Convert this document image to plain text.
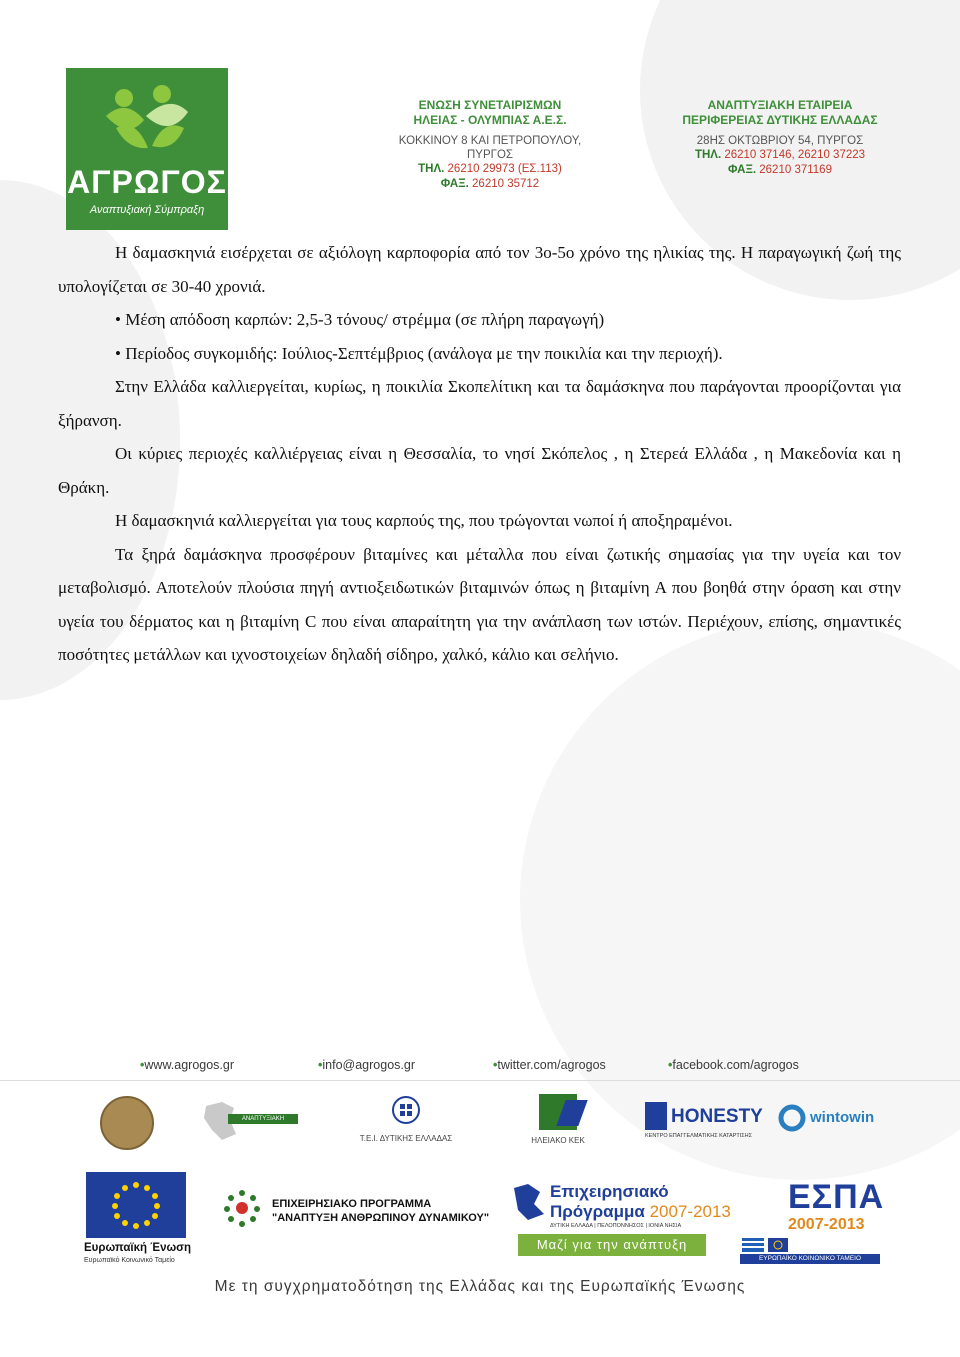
ΑΓΡΩΓΟΣ
Αναπτυξιακή Σύμπραξη
ΕΝΩΣΗ ΣΥΝΕΤΑΙΡΙΣΜΩΝ
ΗΛΕΙΑΣ - ΟΛΥΜΠΙΑΣ Α.Ε.Σ.
ΚΟΚΚΙΝΟΥ 8 ΚΑΙ ΠΕΤΡΟΠΟΥΛΟΥ, ΠΥΡΓΟΣ
ΤΗΛ. 26210 29973 (ΕΣ.113)
ΦΑΞ. 26210 35712
ΑΝΑΠΤΥΞΙΑΚΗ ΕΤΑΙΡΕΙΑ
ΠΕΡΙΦΕΡΕΙΑΣ ΔΥΤΙΚΗΣ ΕΛΛΑΔΑΣ
28ΗΣ ΟΚΤΩΒΡΙΟΥ 54, ΠΥΡΓΟΣ
ΤΗΛ. 26210 37146, 26210 37223
ΦΑΞ. 26210 371169

Η δαμασκηνιά εισέρχεται σε αξιόλογη καρποφορία από τον 3ο-5ο χρόνο της ηλικίας της. Η παραγωγική ζωή της υπολογίζεται σε 30-40 χρονιά.

• Μέση απόδοση καρπών: 2,5-3 τόνους/ στρέμμα (σε πλήρη παραγωγή)

• Περίοδος συγκομιδής: Ιούλιος-Σεπτέμβριος (ανάλογα με την ποικιλία και την περιοχή).

Στην Ελλάδα καλλιεργείται, κυρίως, η ποικιλία Σκοπελίτικη και τα δαμάσκηνα που παράγονται προορίζονται για ξήρανση.

Οι κύριες περιοχές καλλιέργειας είναι η Θεσσαλία, το νησί Σκόπελος , η Στερεά Ελλάδα , η Μακεδονία και η Θράκη.

Η δαμασκηνιά καλλιεργείται για τους καρπούς της, που τρώγονται νωποί ή αποξηραμένοι.

Τα ξηρά δαμάσκηνα προσφέρουν βιταμίνες και μέταλλα που είναι ζωτικής σημασίας για την υγεία και τον μεταβολισμό. Αποτελούν πλούσια πηγή αντιοξειδωτικών βιταμινών όπως η βιταμίνη Α που βοηθά στην όραση και στην υγεία του δέρματος και η βιταμίνη C που είναι απαραίτητη για την ανάπλαση των ιστών. Περιέχουν, επίσης, σημαντικές ποσότητες μετάλλων και ιχνοστοιχείων δηλαδή σίδηρο, χαλκό, κάλιο και σελήνιο.

•www.agrogos.gr	•info@agrogos.gr	•twitter.com/agrogos	•facebook.com/agrogos
ΑΝΑΠΤΥΞΙΑΚΗ ΕΤΑΙΡΕΙΑ
Τ.Ε.Ι. ΔΥΤΙΚΗΣ ΕΛΛΑΔΑΣ	ΗΛΕΙΑΚΟ ΚΕΚ
HONESTY
ΚΕΝΤΡΟ ΕΠΑΓΓΕΛΜΑΤΙΚΗΣ ΚΑΤΑΡΤΙΣΗΣ
wintowin
Ευρωπαϊκή Ένωση
Ευρωπαϊκό Κοινωνικό Ταμείο
ΕΠΙΧΕΙΡΗΣΙΑΚΟ ΠΡΟΓΡΑΜΜΑ
"ΑΝΑΠΤΥΞΗ ΑΝΘΡΩΠΙΝΟΥ ΔΥΝΑΜΙΚΟΥ"
Επιχειρησιακό
Πρόγραμμα 2007-2013
ΔΥΤΙΚΗ ΕΛΛΑΔΑ | ΠΕΛΟΠΟΝΝΗΣΟΣ | ΙΟΝΙΑ ΝΗΣΙΑ
Μαζί για την ανάπτυξη
ΕΣΠΑ
2007-2013
ΕΥΡΩΠΑΪΚΟ ΚΟΙΝΩΝΙΚΟ ΤΑΜΕΙΟ
Με τη συγχρηματοδότηση της Ελλάδας και της Ευρωπαϊκής Ένωσης
